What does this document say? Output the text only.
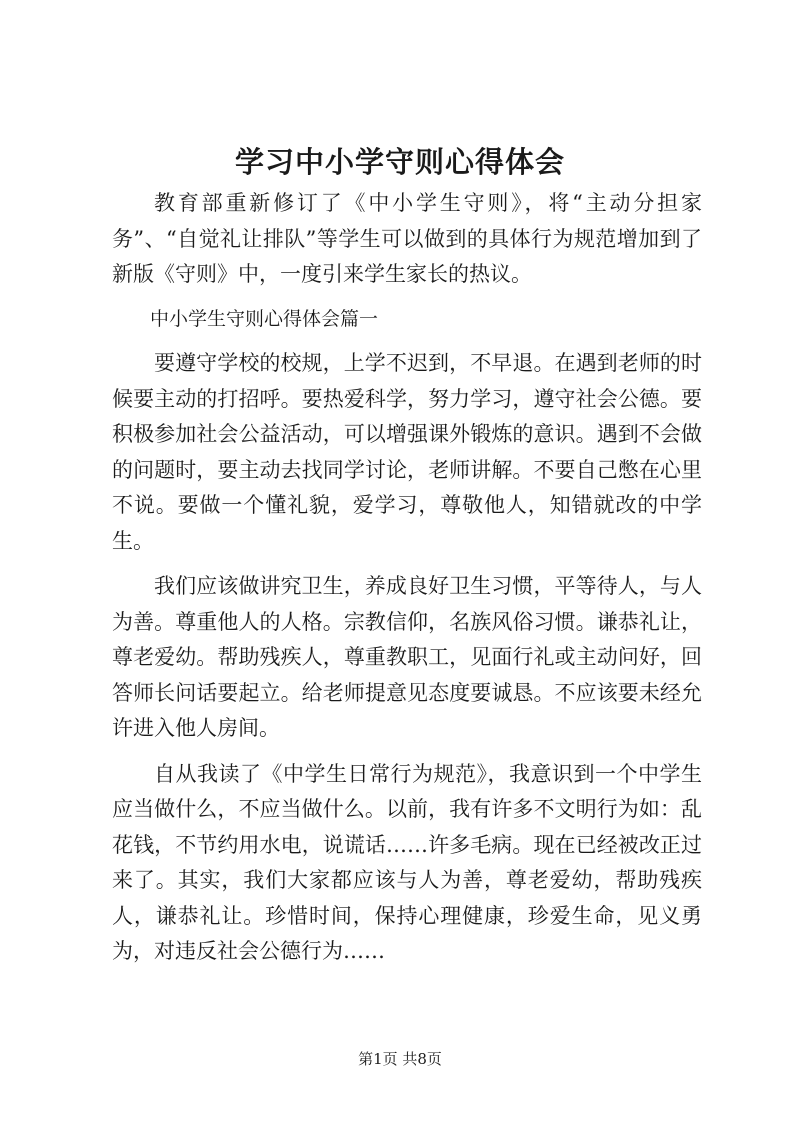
学习中小学守则心得体会

教育部重新修订了《中小学生守则》，将“主动分担家务”、“自觉礼让排队”等学生可以做到的具体行为规范增加到了新版《守则》中，一度引来学生家长的热议。

中小学生守则心得体会篇一

要遵守学校的校规，上学不迟到，不早退。在遇到老师的时候要主动的打招呼。要热爱科学，努力学习，遵守社会公德。要积极参加社会公益活动，可以增强课外锻炼的意识。遇到不会做的问题时，要主动去找同学讨论，老师讲解。不要自己憋在心里不说。要做一个懂礼貌，爱学习，尊敬他人，知错就改的中学生。

我们应该做讲究卫生，养成良好卫生习惯，平等待人，与人为善。尊重他人的人格。宗教信仰，名族风俗习惯。谦恭礼让，尊老爱幼。帮助残疾人，尊重教职工，见面行礼或主动问好，回答师长问话要起立。给老师提意见态度要诚恳。不应该要未经允许进入他人房间。

自从我读了《中学生日常行为规范》，我意识到一个中学生应当做什么，不应当做什么。以前，我有许多不文明行为如：乱花钱，不节约用水电，说谎话……许多毛病。现在已经被改正过来了。其实，我们大家都应该与人为善，尊老爱幼，帮助残疾人，谦恭礼让。珍惜时间，保持心理健康，珍爱生命，见义勇为，对违反社会公德行为……

第1页 共8页
